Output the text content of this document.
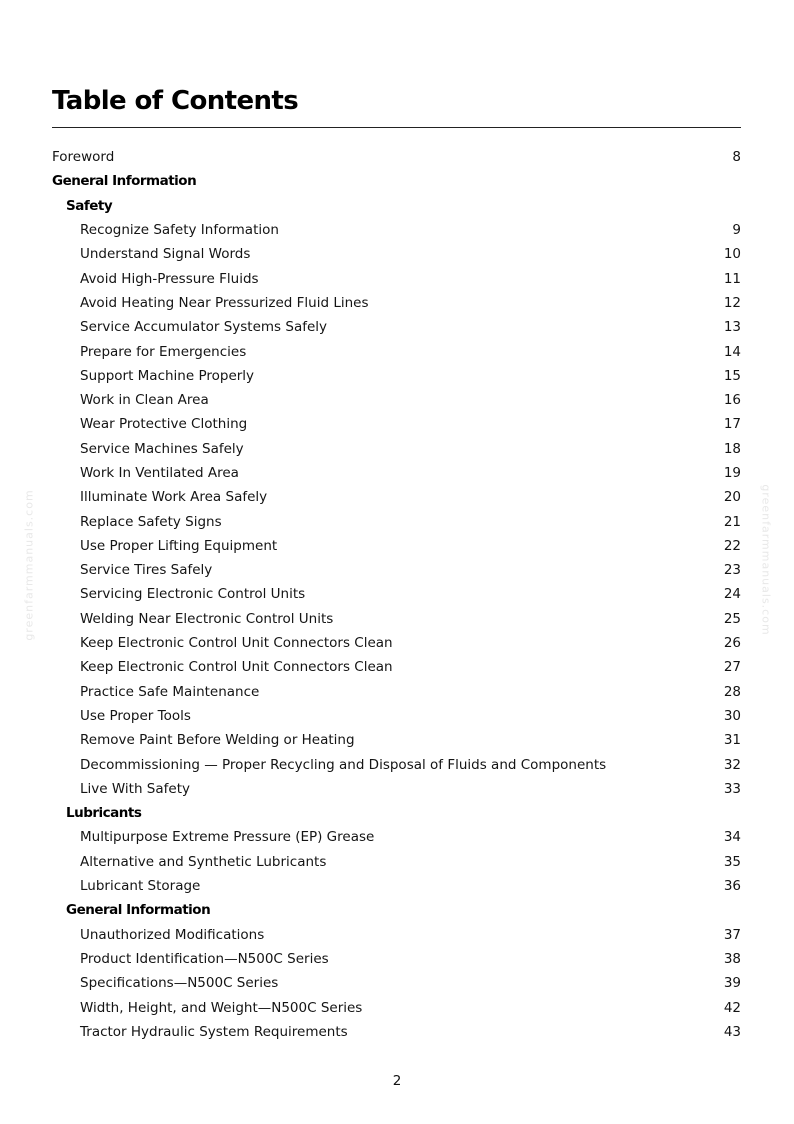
Table of Contents
Foreword	8
General Information
Safety
Recognize Safety Information	9
Understand Signal Words	10
Avoid High-Pressure Fluids	11
Avoid Heating Near Pressurized Fluid Lines	12
Service Accumulator Systems Safely	13
Prepare for Emergencies	14
Support Machine Properly	15
Work in Clean Area	16
Wear Protective Clothing	17
Service Machines Safely	18
Work In Ventilated Area	19
Illuminate Work Area Safely	20
Replace Safety Signs	21
Use Proper Lifting Equipment	22
Service Tires Safely	23
Servicing Electronic Control Units	24
Welding Near Electronic Control Units	25
Keep Electronic Control Unit Connectors Clean	26
Keep Electronic Control Unit Connectors Clean	27
Practice Safe Maintenance	28
Use Proper Tools	30
Remove Paint Before Welding or Heating	31
Decommissioning — Proper Recycling and Disposal of Fluids and Components	32
Live With Safety	33
Lubricants
Multipurpose Extreme Pressure (EP) Grease	34
Alternative and Synthetic Lubricants	35
Lubricant Storage	36
General Information
Unauthorized Modifications	37
Product Identification—N500C Series	38
Specifications—N500C Series	39
Width, Height, and Weight—N500C Series	42
Tractor Hydraulic System Requirements	43
greenfarmmanuals.com	greenfarmmanuals.com
2
